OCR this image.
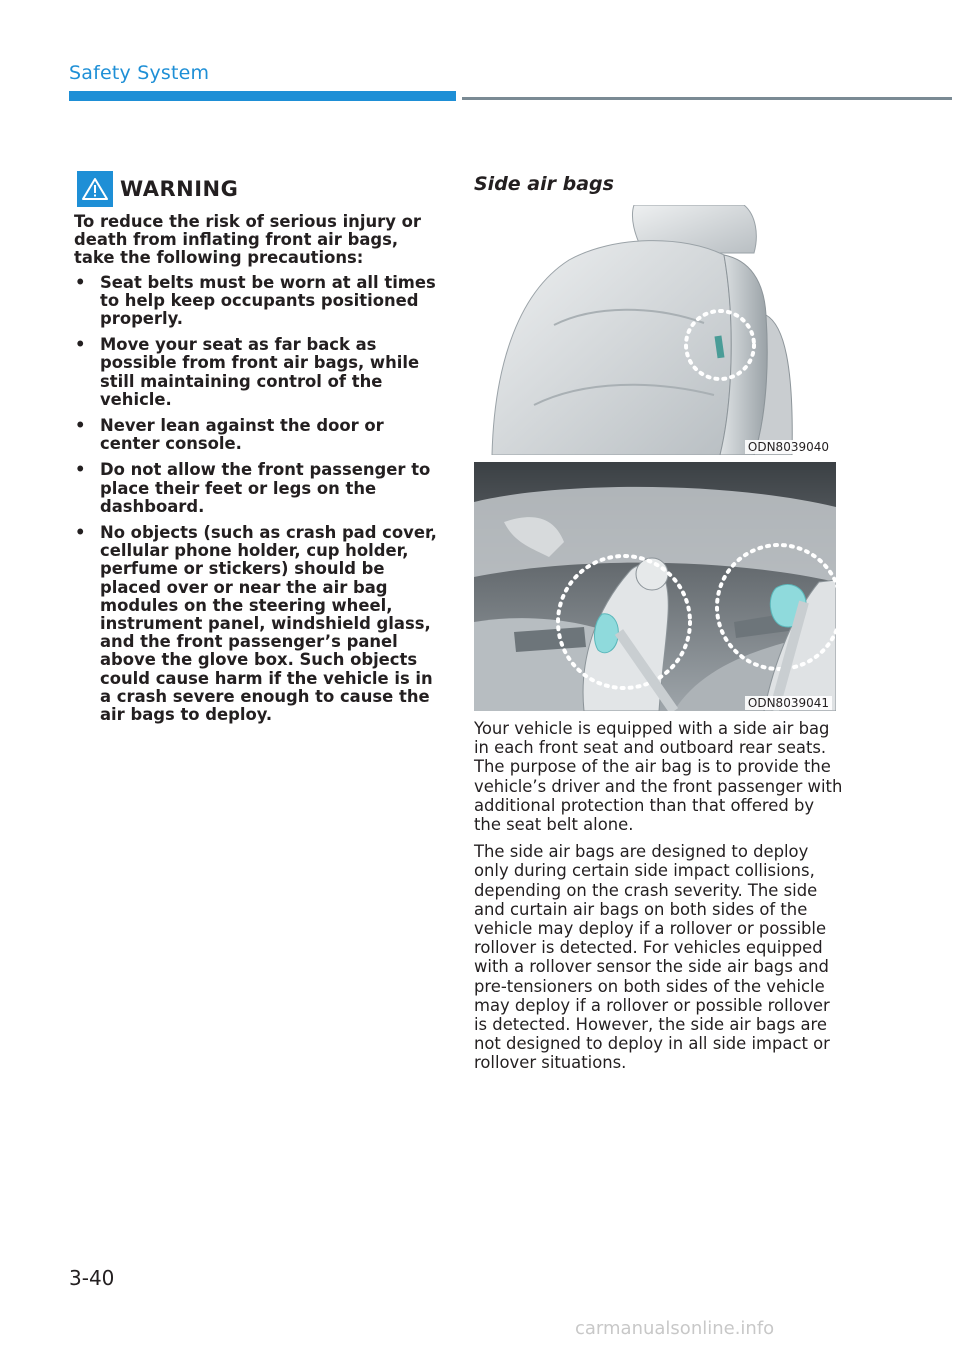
Safety System
WARNING

To reduce the risk of serious injury or death from inflating front air bags, take the following precautions:

• Seat belts must be worn at all times to help keep occupants positioned properly.
• Move your seat as far back as possible from front air bags, while still maintaining control of the vehicle.
• Never lean against the door or center console.
• Do not allow the front passenger to place their feet or legs on the dashboard.
• No objects (such as crash pad cover, cellular phone holder, cup holder, perfume or stickers) should be placed over or near the air bag modules on the steering wheel, instrument panel, windshield glass, and the front passenger’s panel above the glove box. Such objects could cause harm if the vehicle is in a crash severe enough to cause the air bags to deploy.
Side air bags
ODN8039040
ODN8039041

Your vehicle is equipped with a side air bag in each front seat and outboard rear seats. The purpose of the air bag is to provide the vehicle’s driver and the front passenger with additional protection than that offered by the seat belt alone.

The side air bags are designed to deploy only during certain side impact collisions, depending on the crash severity. The side and curtain air bags on both sides of the vehicle may deploy if a rollover or possible rollover is detected. For vehicles equipped with a rollover sensor the side air bags and pre-tensioners on both sides of the vehicle may deploy if a rollover or possible rollover is detected. However, the side air bags are not designed to deploy in all side impact or rollover situations.

3-40
carmanualsonline.info
